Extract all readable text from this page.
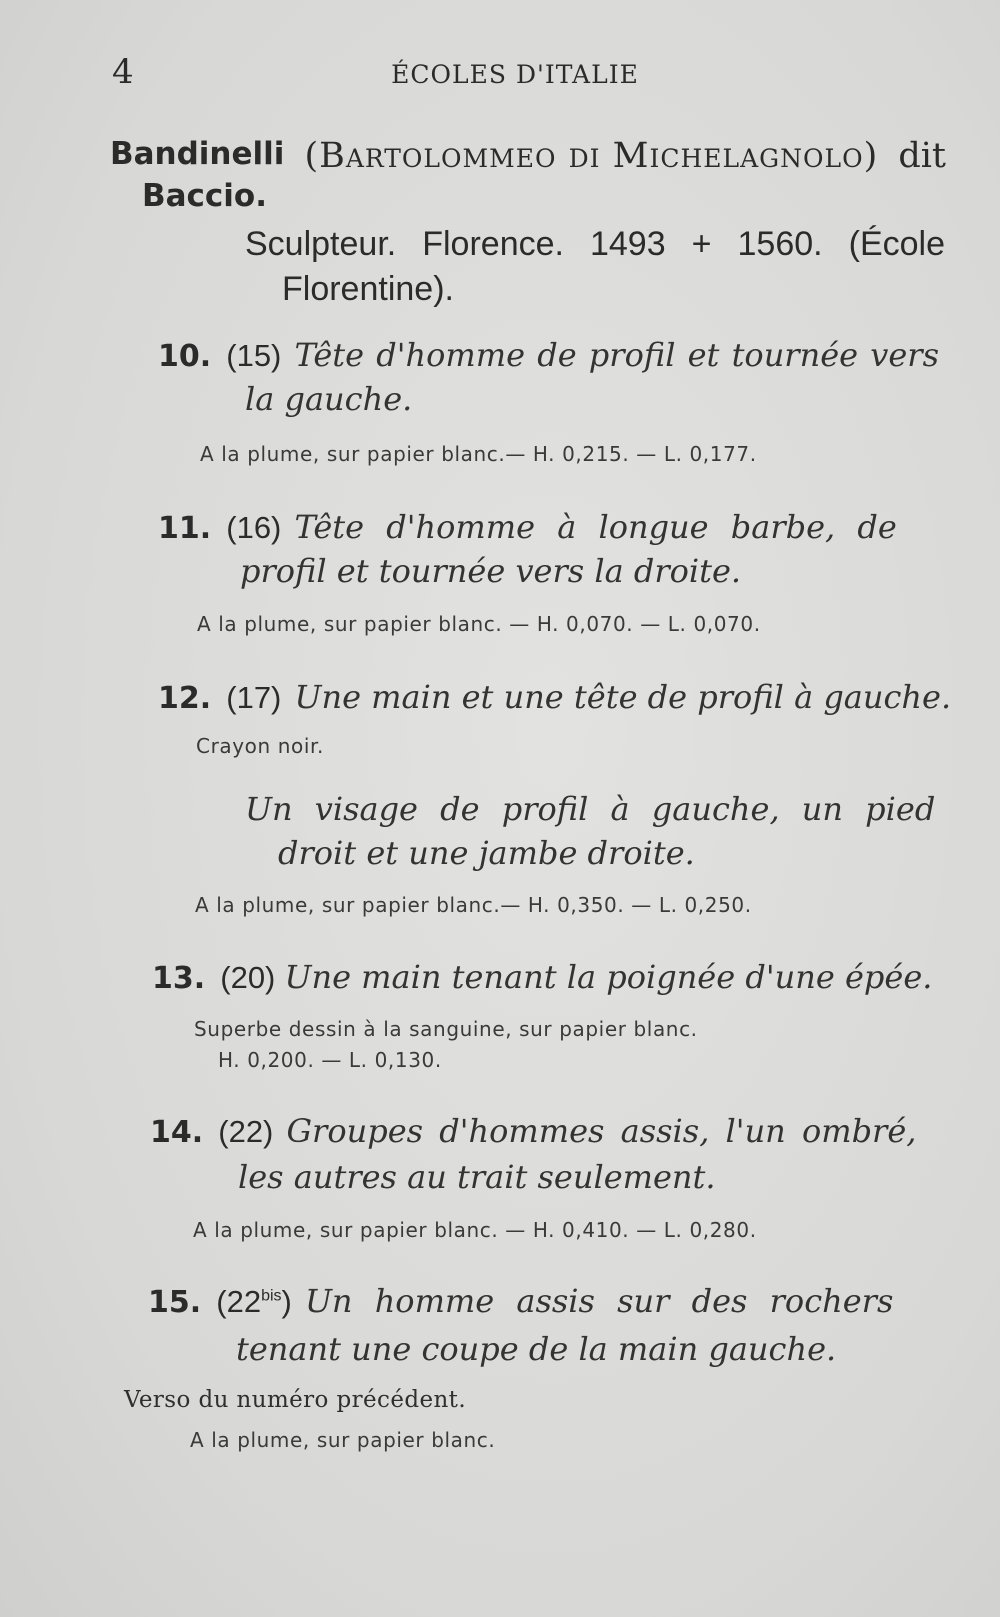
4	ÉCOLES D'ITALIE
Bandinelli (Bartolommeo di Michelagnolo) dit
Baccio.
Sculpteur. Florence. 1493 + 1560. (École
Florentine).
10. (15) Tête d'homme de profil et tournée vers
la gauche.
A la plume, sur papier blanc.— H. 0,215. — L. 0,177.
11. (16) Tête d'homme à longue barbe, de
profil et tournée vers la droite.
A la plume, sur papier blanc. — H. 0,070. — L. 0,070.
12. (17) Une main et une tête de profil à gauche.
Crayon noir.
Un visage de profil à gauche, un pied
droit et une jambe droite.
A la plume, sur papier blanc.— H. 0,350. — L. 0,250.
13. (20) Une main tenant la poignée d'une épée.
Superbe dessin à la sanguine, sur papier blanc.
H. 0,200. — L. 0,130.
14. (22) Groupes d'hommes assis, l'un ombré,
les autres au trait seulement.
A la plume, sur papier blanc. — H. 0,410. — L. 0,280.
15. $(22^{bis})$ Un homme assis sur des rochers
tenant une coupe de la main gauche.
Verso du numéro précédent.
A la plume, sur papier blanc.
